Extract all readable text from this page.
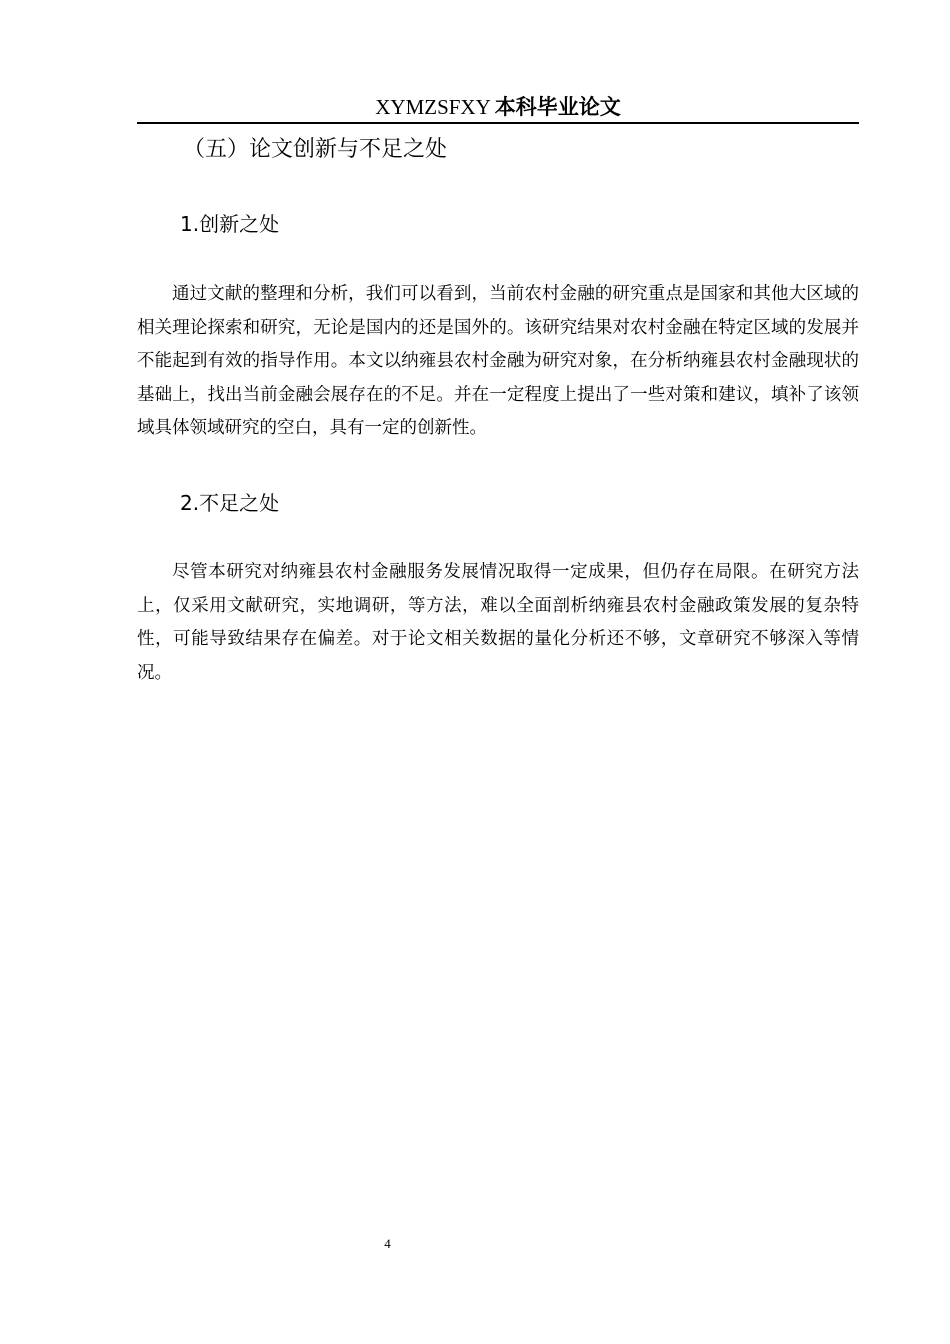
XYMZSFXY 本科毕业论文
（五）论文创新与不足之处
1.创新之处

通过文献的整理和分析，我们可以看到，当前农村金融的研究重点是国家和其他大区域的相关理论探索和研究，无论是国内的还是国外的。该研究结果对农村金融在特定区域的发展并不能起到有效的指导作用。本文以纳雍县农村金融为研究对象，在分析纳雍县农村金融现状的基础上，找出当前金融会展存在的不足。并在一定程度上提出了一些对策和建议，填补了该领域具体领域研究的空白，具有一定的创新性。

2.不足之处

尽管本研究对纳雍县农村金融服务发展情况取得一定成果，但仍存在局限。在研究方法上，仅采用文献研究，实地调研，等方法，难以全面剖析纳雍县农村金融政策发展的复杂特性，可能导致结果存在偏差。对于论文相关数据的量化分析还不够，文章研究不够深入等情况。

4
